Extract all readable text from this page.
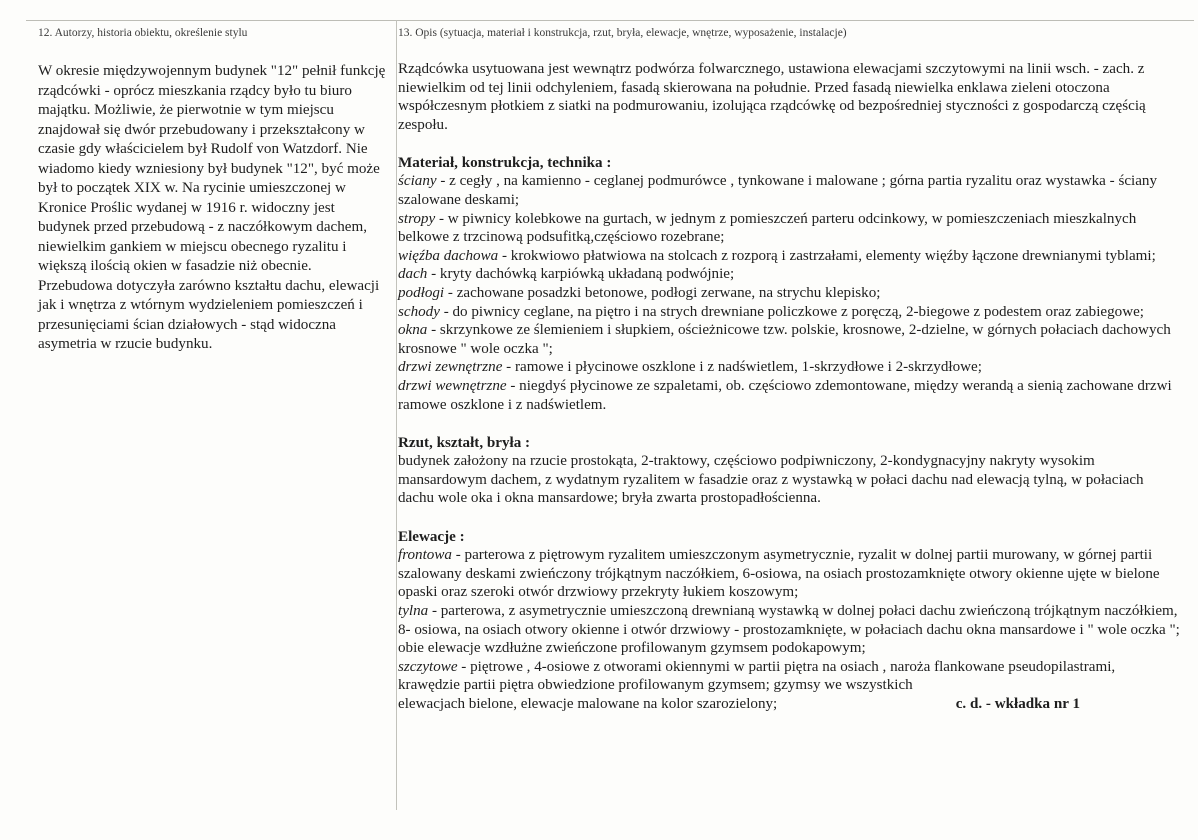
12. Autorzy, historia obiektu, określenie stylu

W okresie międzywojennym budynek "12" pełnił funkcję rządcówki - oprócz mieszkania rządcy było tu biuro majątku. Możliwie, że pierwotnie w tym miejscu znajdował się dwór przebudowany i przekształcony w czasie gdy właścicielem był Rudolf von Watzdorf. Nie wiadomo kiedy wzniesiony był budynek "12", być może był to początek XIX w. Na rycinie umieszczonej w Kronice Proślic wydanej w 1916 r. widoczny jest budynek przed przebudową - z naczółkowym dachem, niewielkim gankiem w miejscu obecnego ryzalitu i większą ilością okien w fasadzie niż obecnie. Przebudowa dotyczyła zarówno kształtu dachu, elewacji jak i wnętrza z wtórnym wydzieleniem pomieszczeń i przesunięciami ścian działowych - stąd widoczna asymetria w rzucie budynku.

13. Opis (sytuacja, materiał i konstrukcja, rzut, bryła, elewacje, wnętrze, wyposażenie, instalacje)

Rządcówka usytuowana jest wewnątrz podwórza folwarcznego, ustawiona elewacjami szczytowymi na linii wsch. - zach. z niewielkim od tej linii odchyleniem, fasadą skierowana na południe. Przed fasadą niewielka enklawa zieleni otoczona współczesnym płotkiem z siatki na podmurowaniu, izolująca rządcówkę od bezpośredniej styczności z gospodarczą częścią zespołu.

Materiał, konstrukcja, technika :

ściany - z cegły , na kamienno - ceglanej podmurówce , tynkowane i malowane ; górna partia ryzalitu oraz wystawka - ściany szalowane deskami;

stropy - w piwnicy kolebkowe na gurtach, w jednym z pomieszczeń parteru odcinkowy, w pomieszczeniach mieszkalnych belkowe z trzcinową podsufitką,częściowo rozebrane;

więźba dachowa - krokwiowo płatwiowa na stolcach z rozporą i zastrzałami, elementy więźby łączone drewnianymi tyblami;

dach - kryty dachówką karpiówką układaną podwójnie;

podłogi - zachowane posadzki betonowe, podłogi zerwane, na strychu klepisko;

schody - do piwnicy ceglane, na piętro i na strych drewniane policzkowe z poręczą, 2-biegowe z podestem oraz zabiegowe;

okna - skrzynkowe ze ślemieniem i słupkiem, ościeżnicowe tzw. polskie, krosnowe, 2-dzielne, w górnych połaciach dachowych krosnowe " wole oczka ";

drzwi zewnętrzne - ramowe i płycinowe oszklone i z nadświetlem, 1-skrzydłowe i 2-skrzydłowe;

drzwi wewnętrzne - niegdyś płycinowe ze szpaletami, ob. częściowo zdemontowane, między werandą a sienią zachowane drzwi ramowe oszklone i z nadświetlem.

Rzut, kształt, bryła :

budynek założony na rzucie prostokąta, 2-traktowy, częściowo podpiwniczony, 2-kondygnacyjny nakryty wysokim mansardowym dachem, z wydatnym ryzalitem w fasadzie oraz z wystawką w połaci dachu nad elewacją tylną, w połaciach dachu wole oka i okna mansardowe; bryła zwarta prostopadłościenna.

Elewacje :

frontowa - parterowa z piętrowym ryzalitem umieszczonym asymetrycznie, ryzalit w dolnej partii murowany, w górnej partii szalowany deskami zwieńczony trójkątnym naczółkiem, 6-osiowa, na osiach prostozamknięte otwory okienne ujęte w bielone opaski oraz szeroki otwór drzwiowy przekryty łukiem koszowym;

tylna - parterowa, z asymetrycznie umieszczoną drewnianą wystawką w dolnej połaci dachu zwieńczoną trójkątnym naczółkiem, 8- osiowa, na osiach otwory okienne i otwór drzwiowy - prostozamknięte, w połaciach dachu okna mansardowe i " wole oczka "; obie elewacje wzdłużne zwieńczone profilowanym gzymsem podokapowym;

szczytowe - piętrowe , 4-osiowe z otworami okiennymi w partii piętra na osiach , naroża flankowane pseudopilastrami, krawędzie partii piętra obwiedzione profilowanym gzymsem; gzymsy we wszystkich

elewacjach bielone, elewacje malowane na kolor szarozielony;	c. d. - wkładka nr 1
